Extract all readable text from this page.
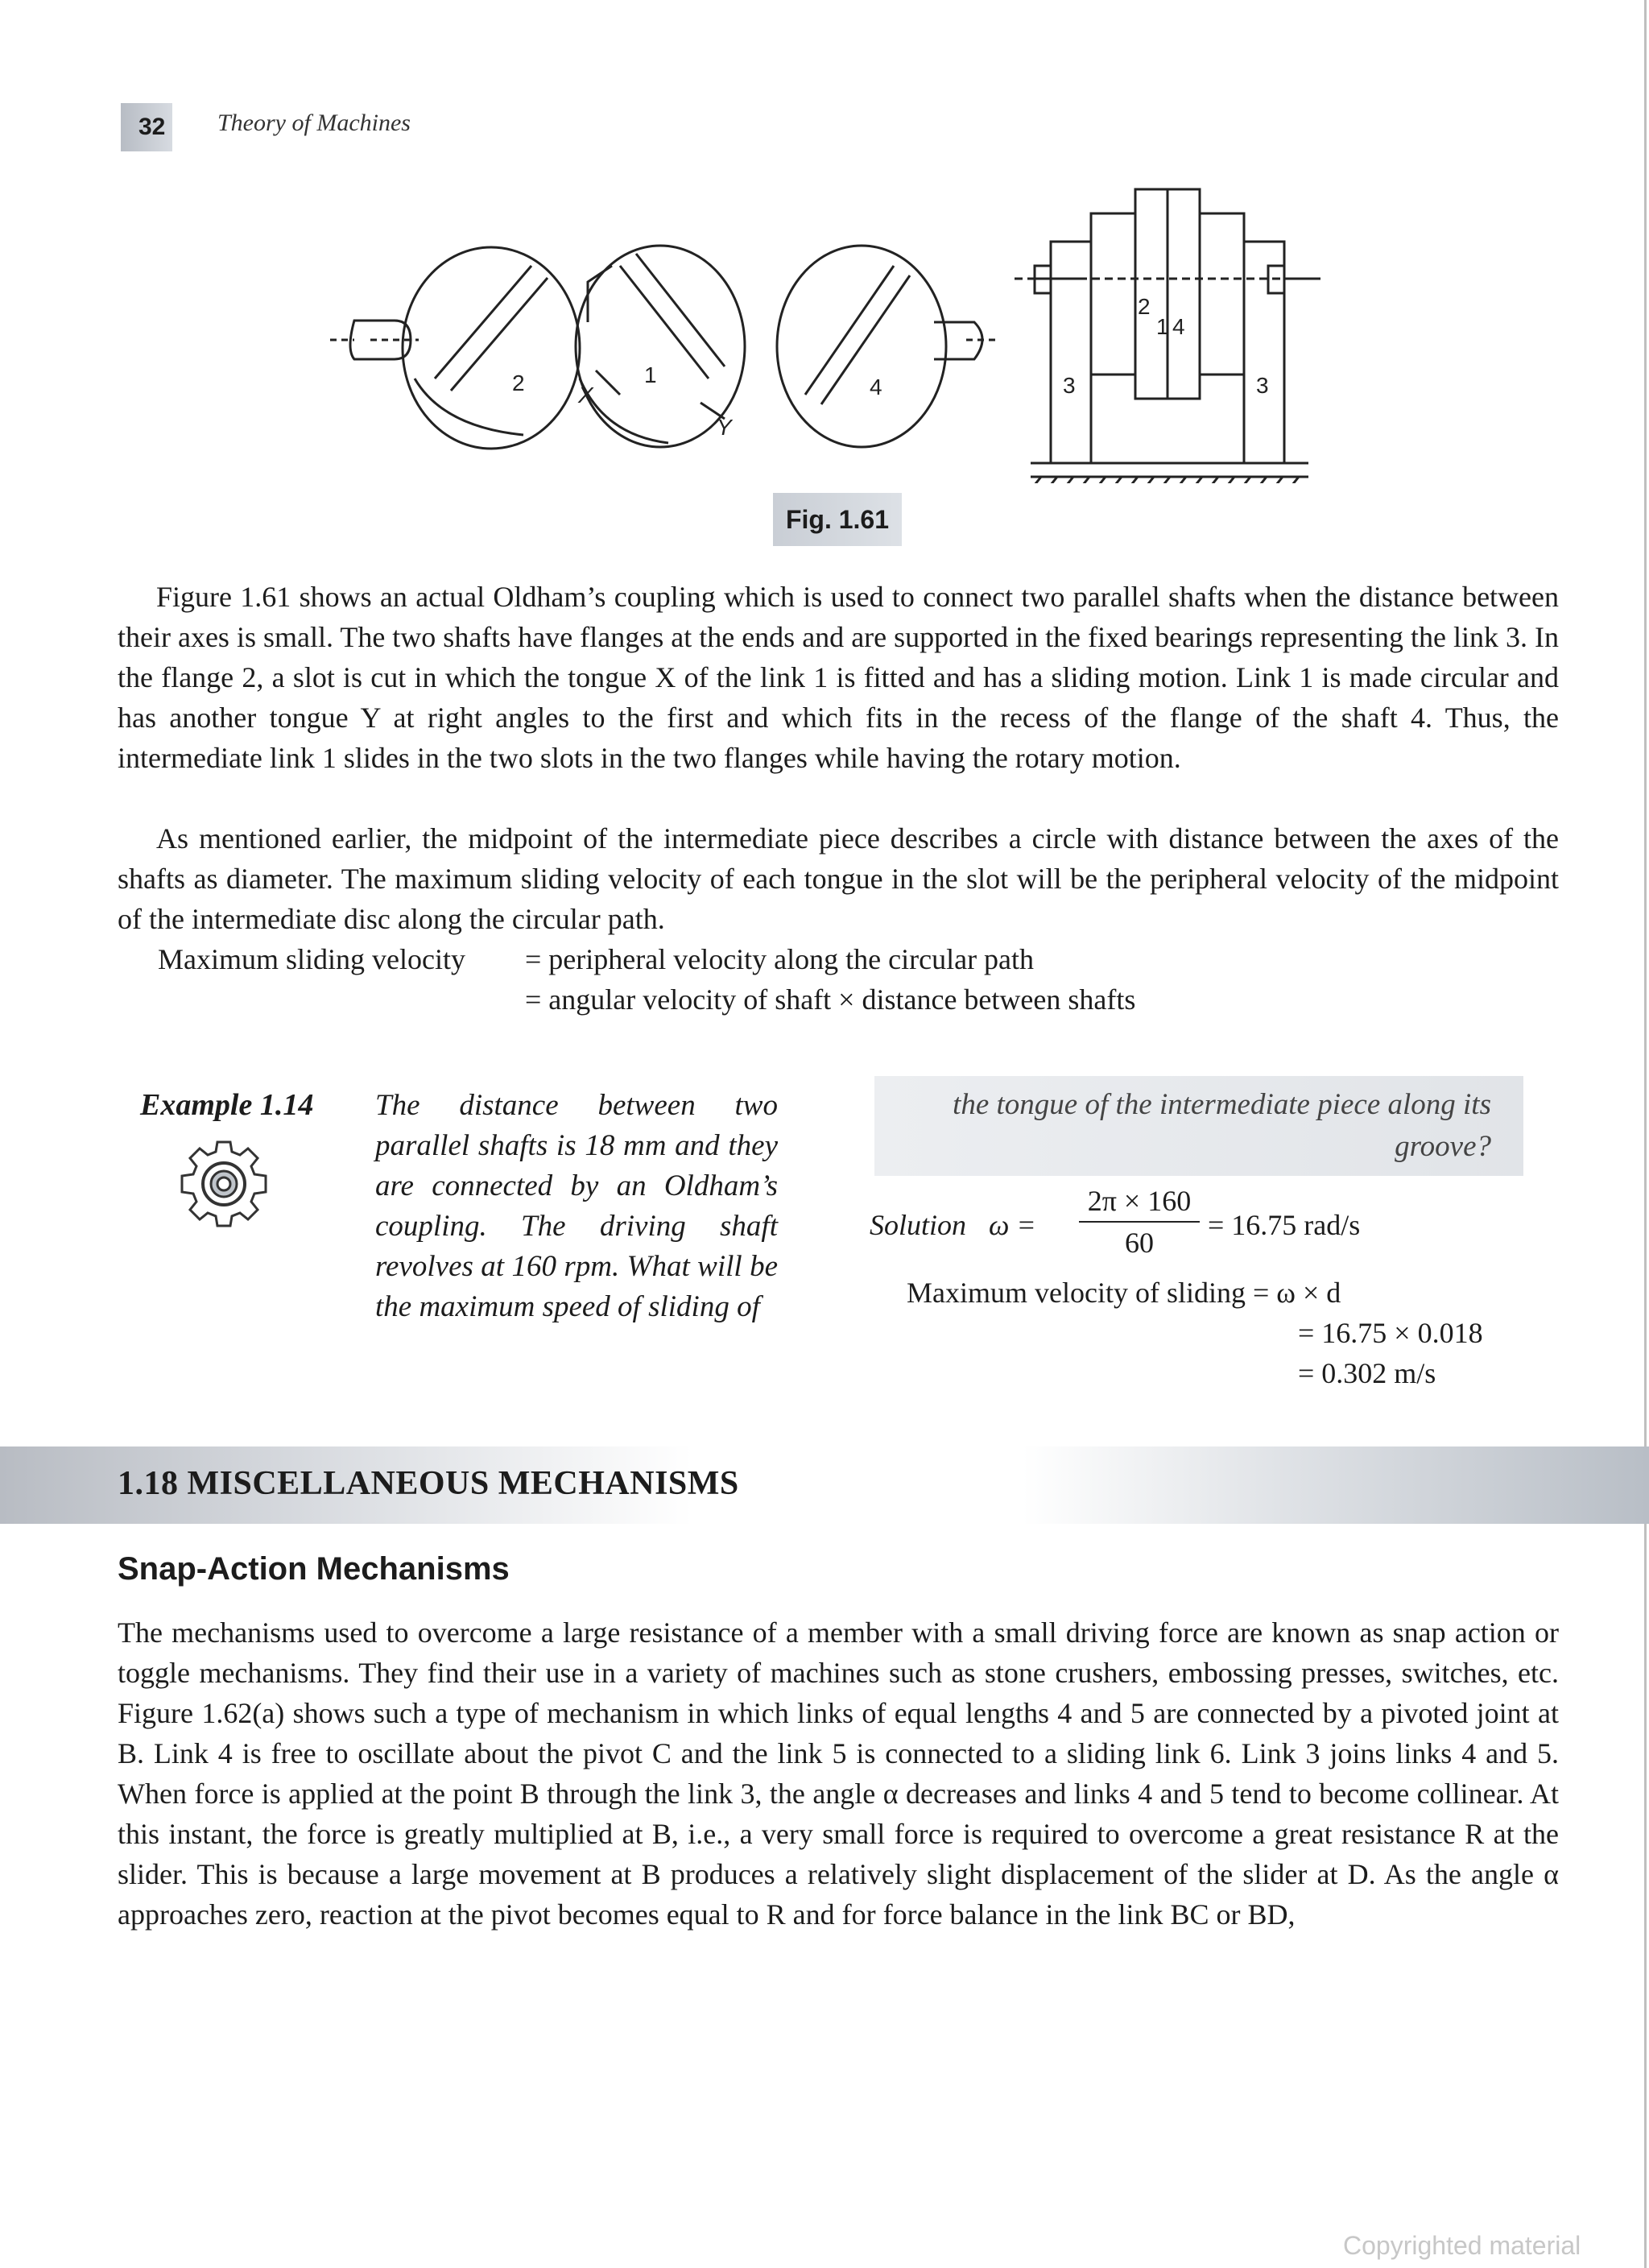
32 Theory of Machines
2 X
1
Y
4	3
2
1 4
3
Fig. 1.61

Figure 1.61 shows an actual Oldham’s coupling which is used to connect two parallel shafts when the distance between their axes is small. The two shafts have flanges at the ends and are supported in the fixed bearings representing the link 3. In the flange 2, a slot is cut in which the tongue X of the link 1 is fitted and has a sliding motion. Link 1 is made circular and has another tongue Y at right angles to the first and which fits in the recess of the flange of the shaft 4. Thus, the intermediate link 1 slides in the two slots in the two flanges while having the rotary motion.

As mentioned earlier, the midpoint of the intermediate piece describes a circle with distance between the axes of the shafts as diameter. The maximum sliding velocity of each tongue in the slot will be the peripheral velocity of the midpoint of the intermediate disc along the circular path.

Maximum sliding velocity = peripheral velocity along the circular path
= angular velocity of shaft × distance between shafts
Example 1.14 The distance between two parallel shafts is 18 mm and they are connected by an Oldham’s coupling. The driving shaft revolves at 160 rpm. What will be the maximum speed of sliding of
the tongue of the intermediate piece along its groove?
Solution ω =
2π × 160
60
= 16.75 rad/s
Maximum velocity of sliding = ω × d
= 16.75 × 0.018
= 0.302 m/s
1.18 MISCELLANEOUS MECHANISMS
Snap-Action Mechanisms

The mechanisms used to overcome a large resistance of a member with a small driving force are known as snap action or toggle mechanisms. They find their use in a variety of machines such as stone crushers, embossing presses, switches, etc. Figure 1.62(a) shows such a type of mechanism in which links of equal lengths 4 and 5 are connected by a pivoted joint at B. Link 4 is free to oscillate about the pivot C and the link 5 is connected to a sliding link 6. Link 3 joins links 4 and 5. When force is applied at the point B through the link 3, the angle α decreases and links 4 and 5 tend to become collinear. At this instant, the force is greatly multiplied at B, i.e., a very small force is required to overcome a great resistance R at the slider. This is because a large movement at B produces a relatively slight displacement of the slider at D. As the angle α approaches zero, reaction at the pivot becomes equal to R and for force balance in the link BC or BD,

Copyrighted material
